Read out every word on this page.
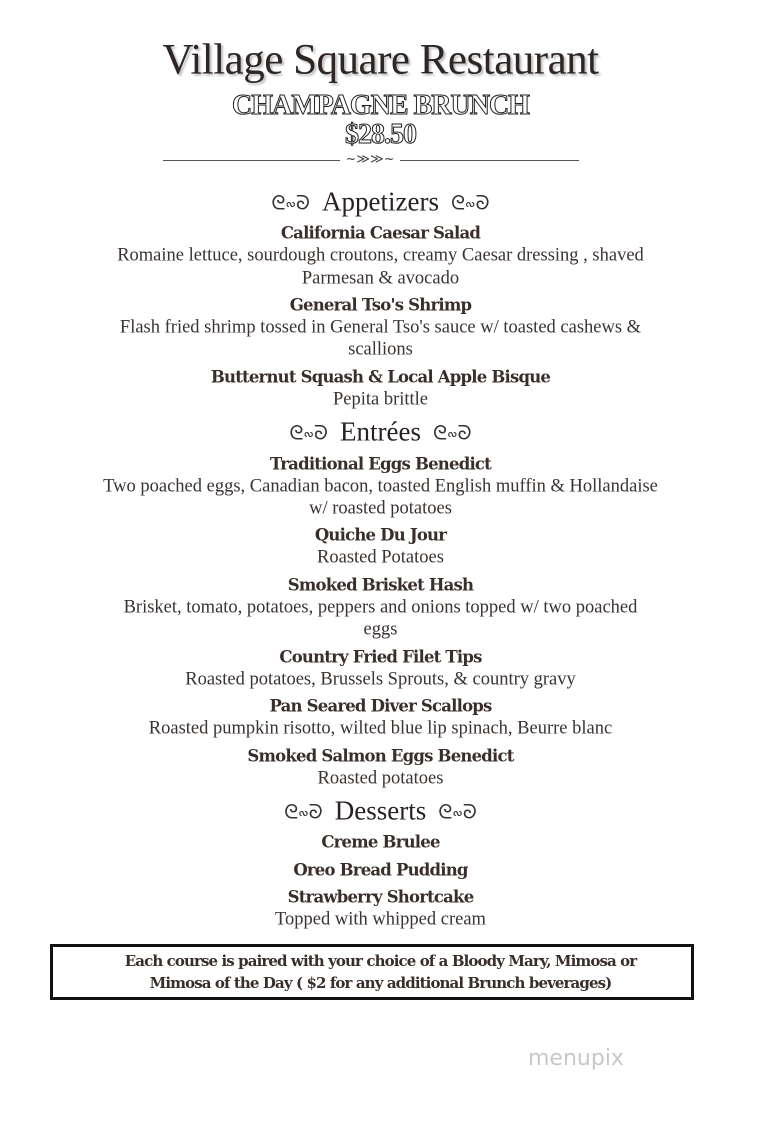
Village Square Restaurant
CHAMPAGNE BRUNCH
$28.50
~≫≫~
ᘓ∾ᘐ Appetizers ᘓ∾ᘐ
California Caesar Salad
Romaine lettuce, sourdough croutons, creamy Caesar dressing , shaved
Parmesan & avocado
General Tso's Shrimp
Flash fried shrimp tossed in General Tso's sauce w/ toasted cashews &
scallions
Butternut Squash & Local Apple Bisque
Pepita brittle
ᘓ∾ᘐ Entrées ᘓ∾ᘐ
Traditional Eggs Benedict
Two poached eggs, Canadian bacon, toasted English muffin & Hollandaise
w/ roasted potatoes
Quiche Du Jour
Roasted Potatoes
Smoked Brisket Hash
Brisket, tomato, potatoes, peppers and onions topped w/ two poached
eggs
Country Fried Filet Tips
Roasted potatoes, Brussels Sprouts, & country gravy
Pan Seared Diver Scallops
Roasted pumpkin risotto, wilted blue lip spinach, Beurre blanc
Smoked Salmon Eggs Benedict
Roasted potatoes
ᘓ∾ᘐ Desserts ᘓ∾ᘐ
Creme Brulee
Oreo Bread Pudding
Strawberry Shortcake
Topped with whipped cream
Each course is paired with your choice of a Bloody Mary, Mimosa or
Mimosa of the Day ( $2 for any additional Brunch beverages)
menupix
